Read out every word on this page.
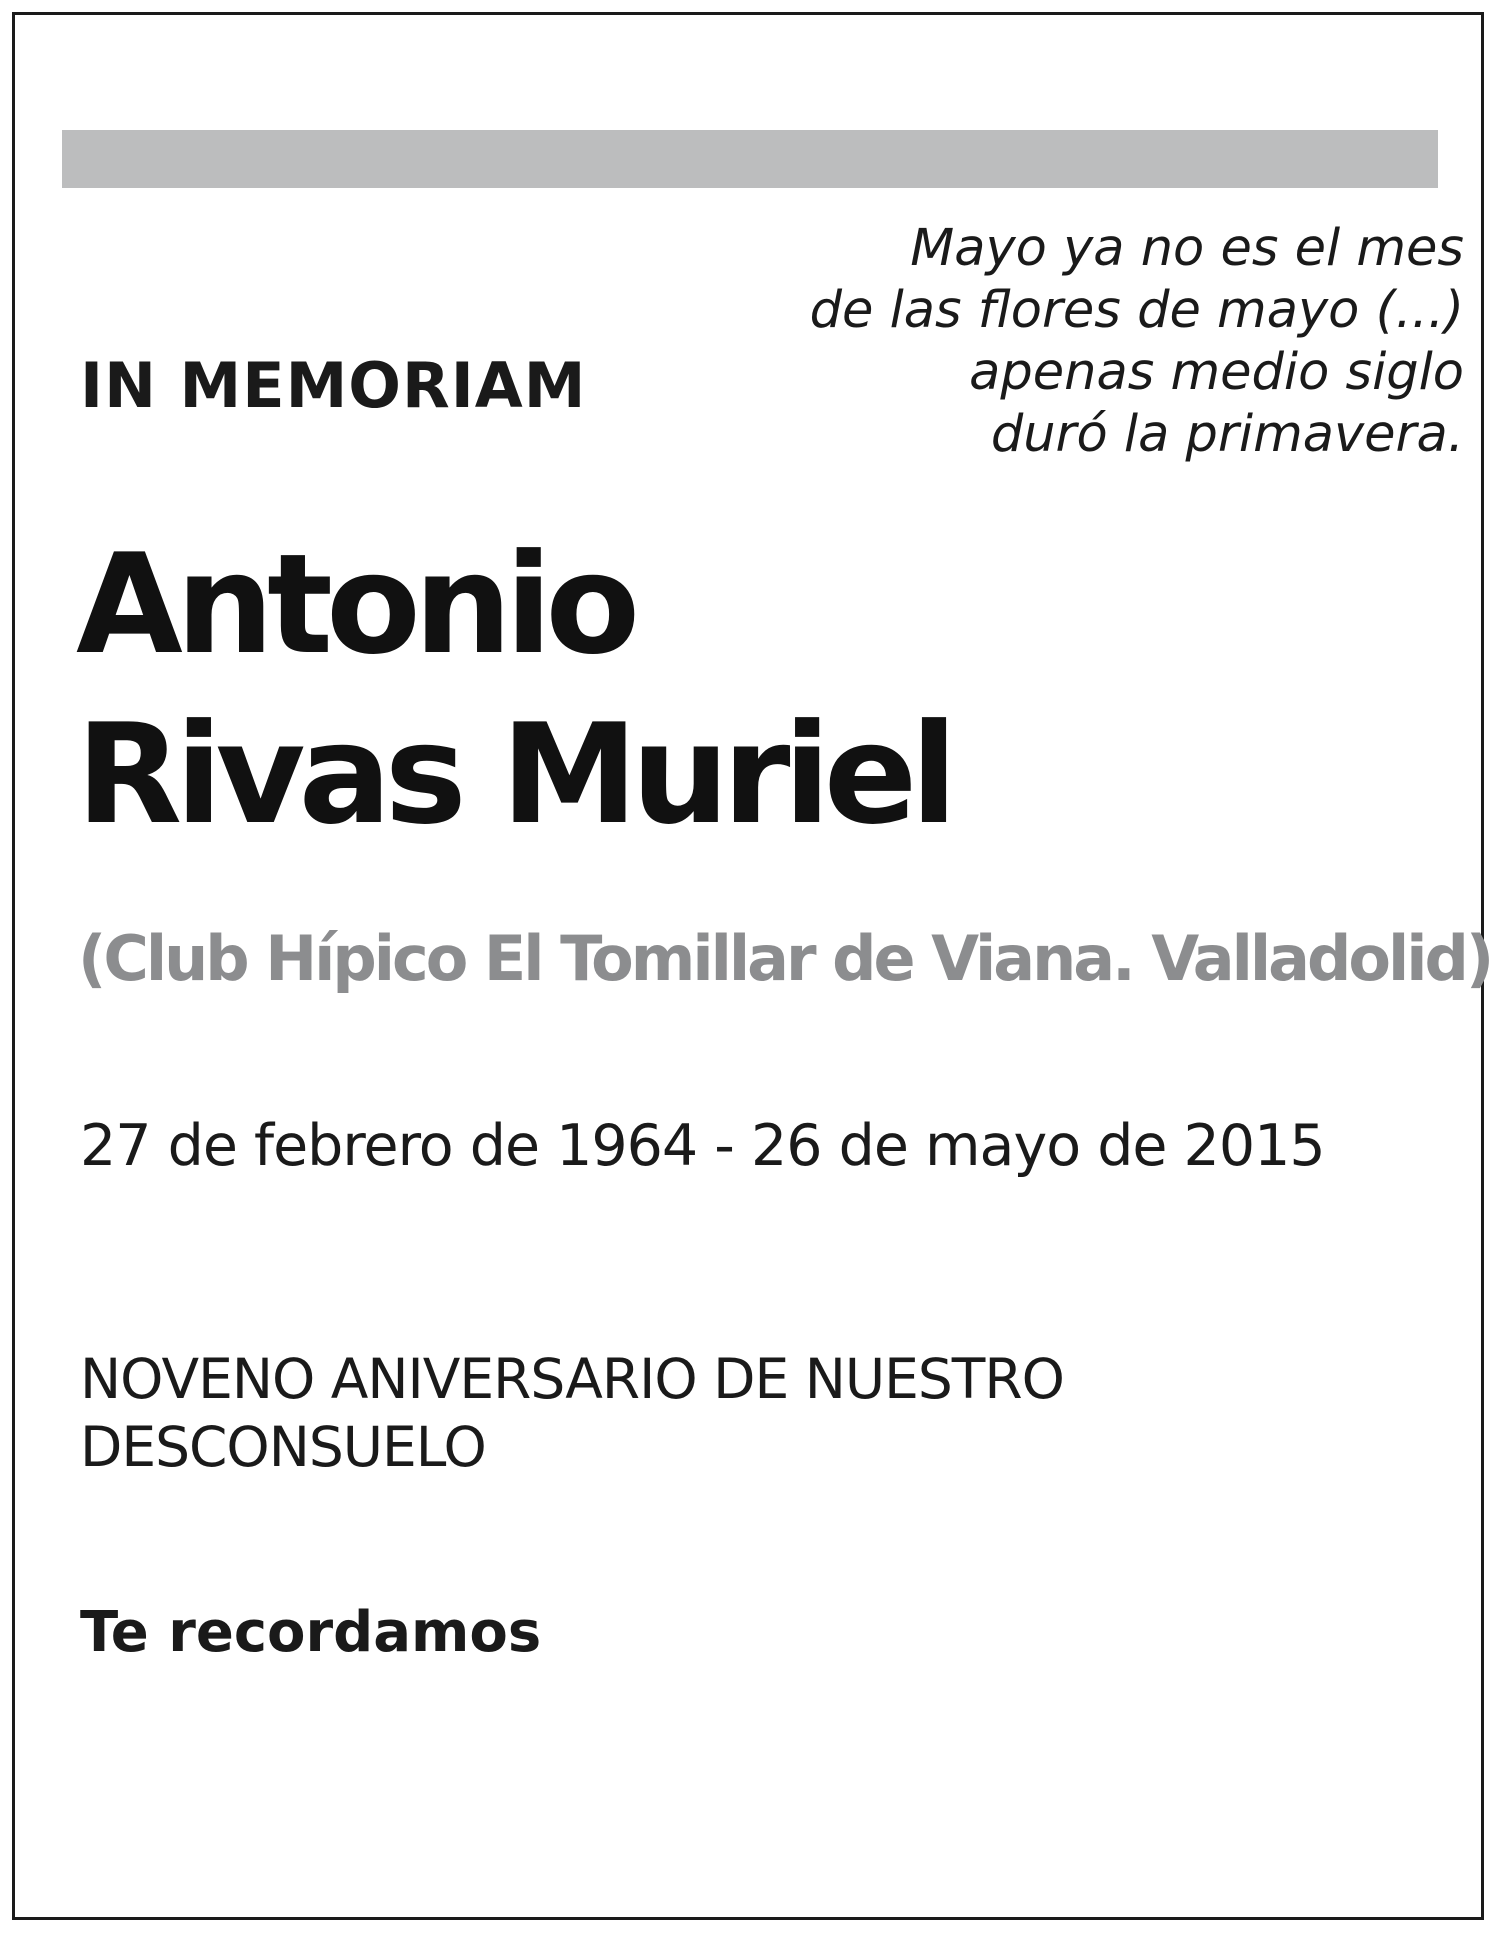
Mayo ya no es el mes
de las flores de mayo (...)
apenas medio siglo
duró la primavera.
IN MEMORIAM
Antonio
Rivas Muriel
(Club Hípico El Tomillar de Viana. Valladolid)
27 de febrero de 1964 - 26 de mayo de 2015
NOVENO ANIVERSARIO DE NUESTRO
DESCONSUELO
Te recordamos
